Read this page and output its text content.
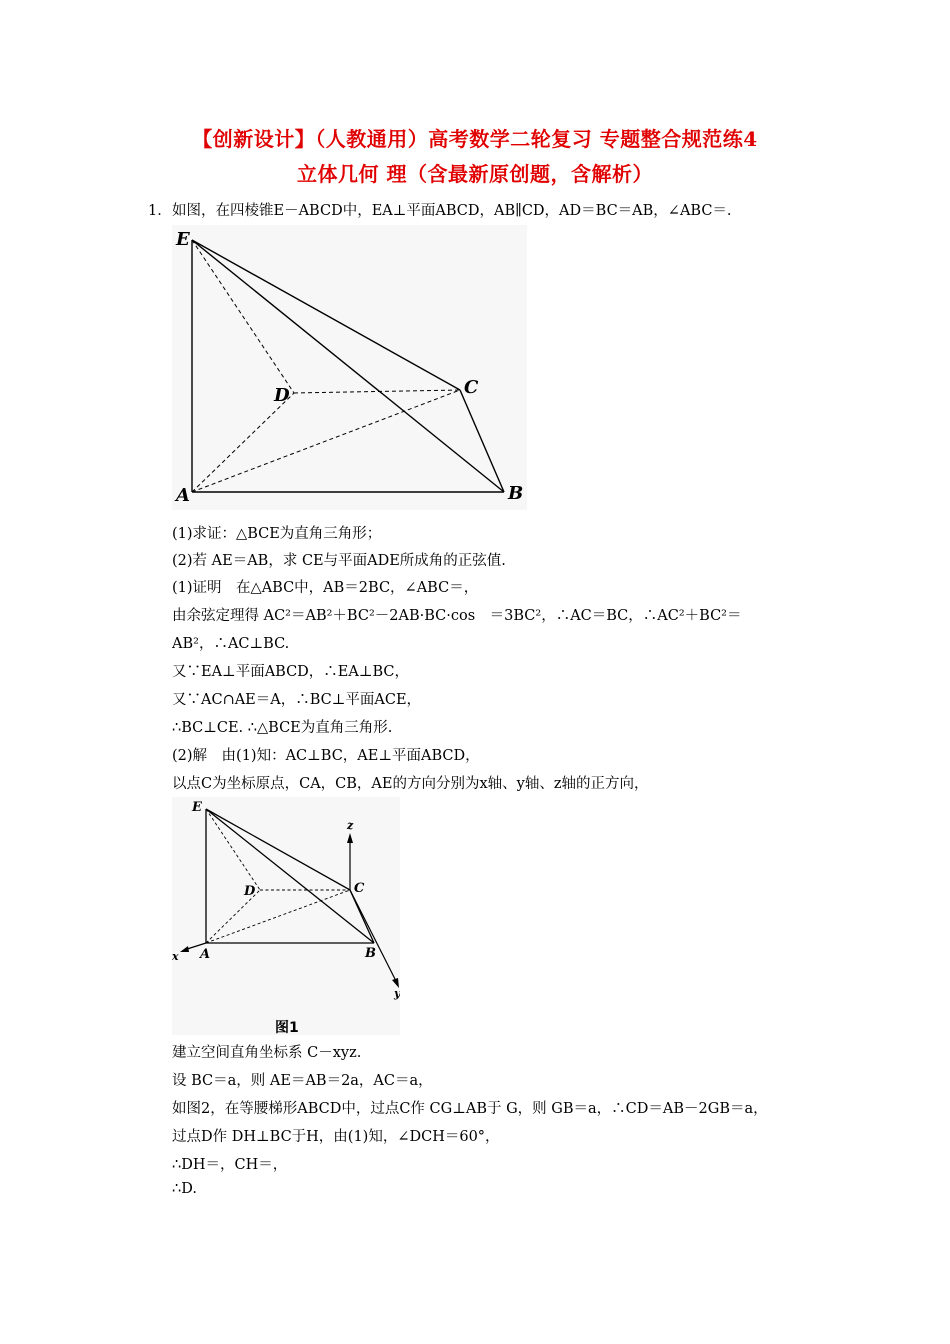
【创新设计】（人教通用）高考数学二轮复习 专题整合规范练4
立体几何 理（含最新原创题，含解析）
1． 如图，在四棱锥E－ABCD中，EA⊥平面ABCD，AB∥CD，AD＝BC＝AB，∠ABC＝.
E
D	C
A	B
(1)求证：△BCE为直角三角形；
(2)若 AE＝AB，求 CE与平面ADE所成角的正弦值.
(1)证明　在△ABC中，AB＝2BC，∠ABC＝，
由余弦定理得 AC²＝AB²＋BC²－2AB·BC·cos　＝3BC²，∴AC＝BC，∴AC²＋BC²＝
AB²，∴AC⊥BC.
又∵EA⊥平面ABCD，∴EA⊥BC，
又∵AC∩AE＝A，∴BC⊥平面ACE，
∴BC⊥CE. ∴△BCE为直角三角形.
(2)解　由(1)知：AC⊥BC，AE⊥平面ABCD，
以点C为坐标原点，CA，CB，AE的方向分别为x轴、y轴、z轴的正方向，
E
D	C
A	B
x
y
z
图1
建立空间直角坐标系 C－xyz.
设 BC＝a，则 AE＝AB＝2a，AC＝a，
如图2，在等腰梯形ABCD中，过点C作 CG⊥AB于 G，则 GB＝a，∴CD＝AB－2GB＝a，
过点D作 DH⊥BC于H，由(1)知，∠DCH＝60°，
∴DH＝，CH＝，
∴D.
